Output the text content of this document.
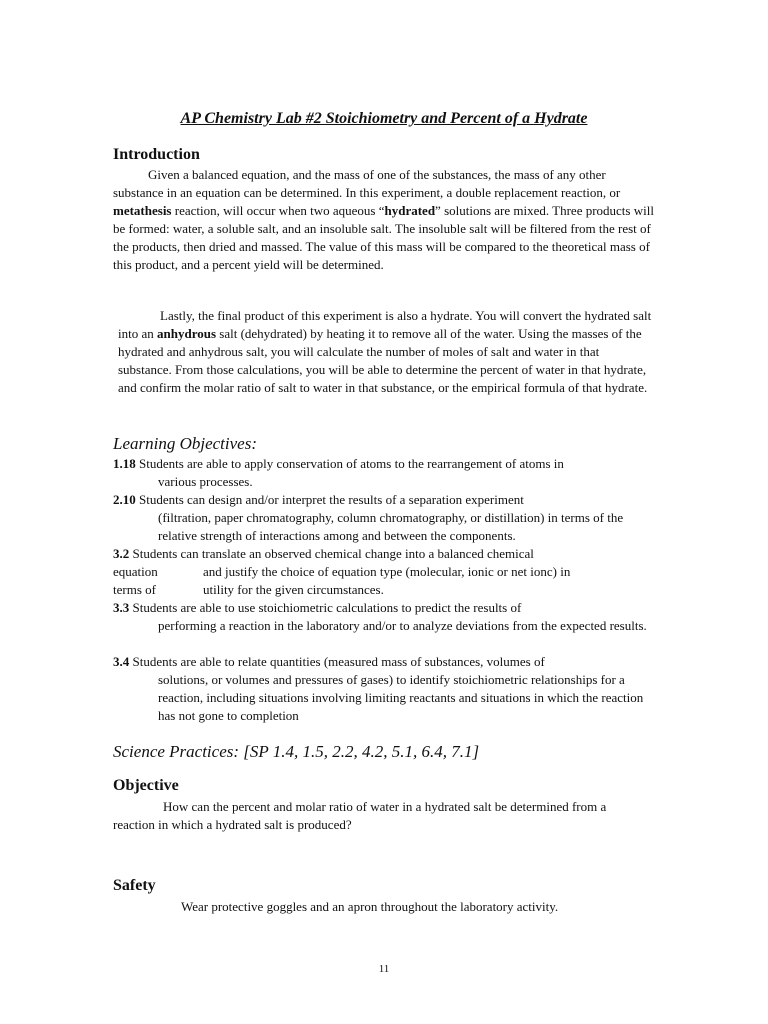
AP Chemistry Lab #2 Stoichiometry and Percent of a Hydrate
Introduction

Given a balanced equation, and the mass of one of the substances, the mass of any other substance in an equation can be determined. In this experiment, a double replacement reaction, or metathesis reaction, will occur when two aqueous “hydrated” solutions are mixed. Three products will be formed: water, a soluble salt, and an insoluble salt. The insoluble salt will be filtered from the rest of the products, then dried and massed. The value of this mass will be compared to the theoretical mass of this product, and a percent yield will be determined.

Lastly, the final product of this experiment is also a hydrate. You will convert the hydrated salt into an anhydrous salt (dehydrated) by heating it to remove all of the water. Using the masses of the hydrated and anhydrous salt, you will calculate the number of moles of salt and water in that substance. From those calculations, you will be able to determine the percent of water in that hydrate, and confirm the molar ratio of salt to water in that substance, or the empirical formula of that hydrate.

Learning Objectives:
1.18 Students are able to apply conservation of atoms to the rearrangement of atoms in
various processes.
2.10 Students can design and/or interpret the results of a separation experiment
(filtration, paper chromatography, column chromatography, or distillation) in terms of the relative strength of interactions among and between the components.
3.2 Students can translate an observed chemical change into a balanced chemical
equation	and justify the choice of equation type (molecular, ionic or net ionc) in
terms of	utility for the given circumstances.
3.3 Students are able to use stoichiometric calculations to predict the results of
performing a reaction in the laboratory and/or to analyze deviations from the expected results.
3.4 Students are able to relate quantities (measured mass of substances, volumes of
solutions, or volumes and pressures of gases) to identify stoichiometric relationships for a reaction, including situations involving limiting reactants and situations in which the reaction has not gone to completion
Science Practices: [SP 1.4, 1.5, 2.2, 4.2, 5.1, 6.4, 7.1]
Objective

How can the percent and molar ratio of water in a hydrated salt be determined from a reaction in which a hydrated salt is produced?

Safety

Wear protective goggles and an apron throughout the laboratory activity.

11
